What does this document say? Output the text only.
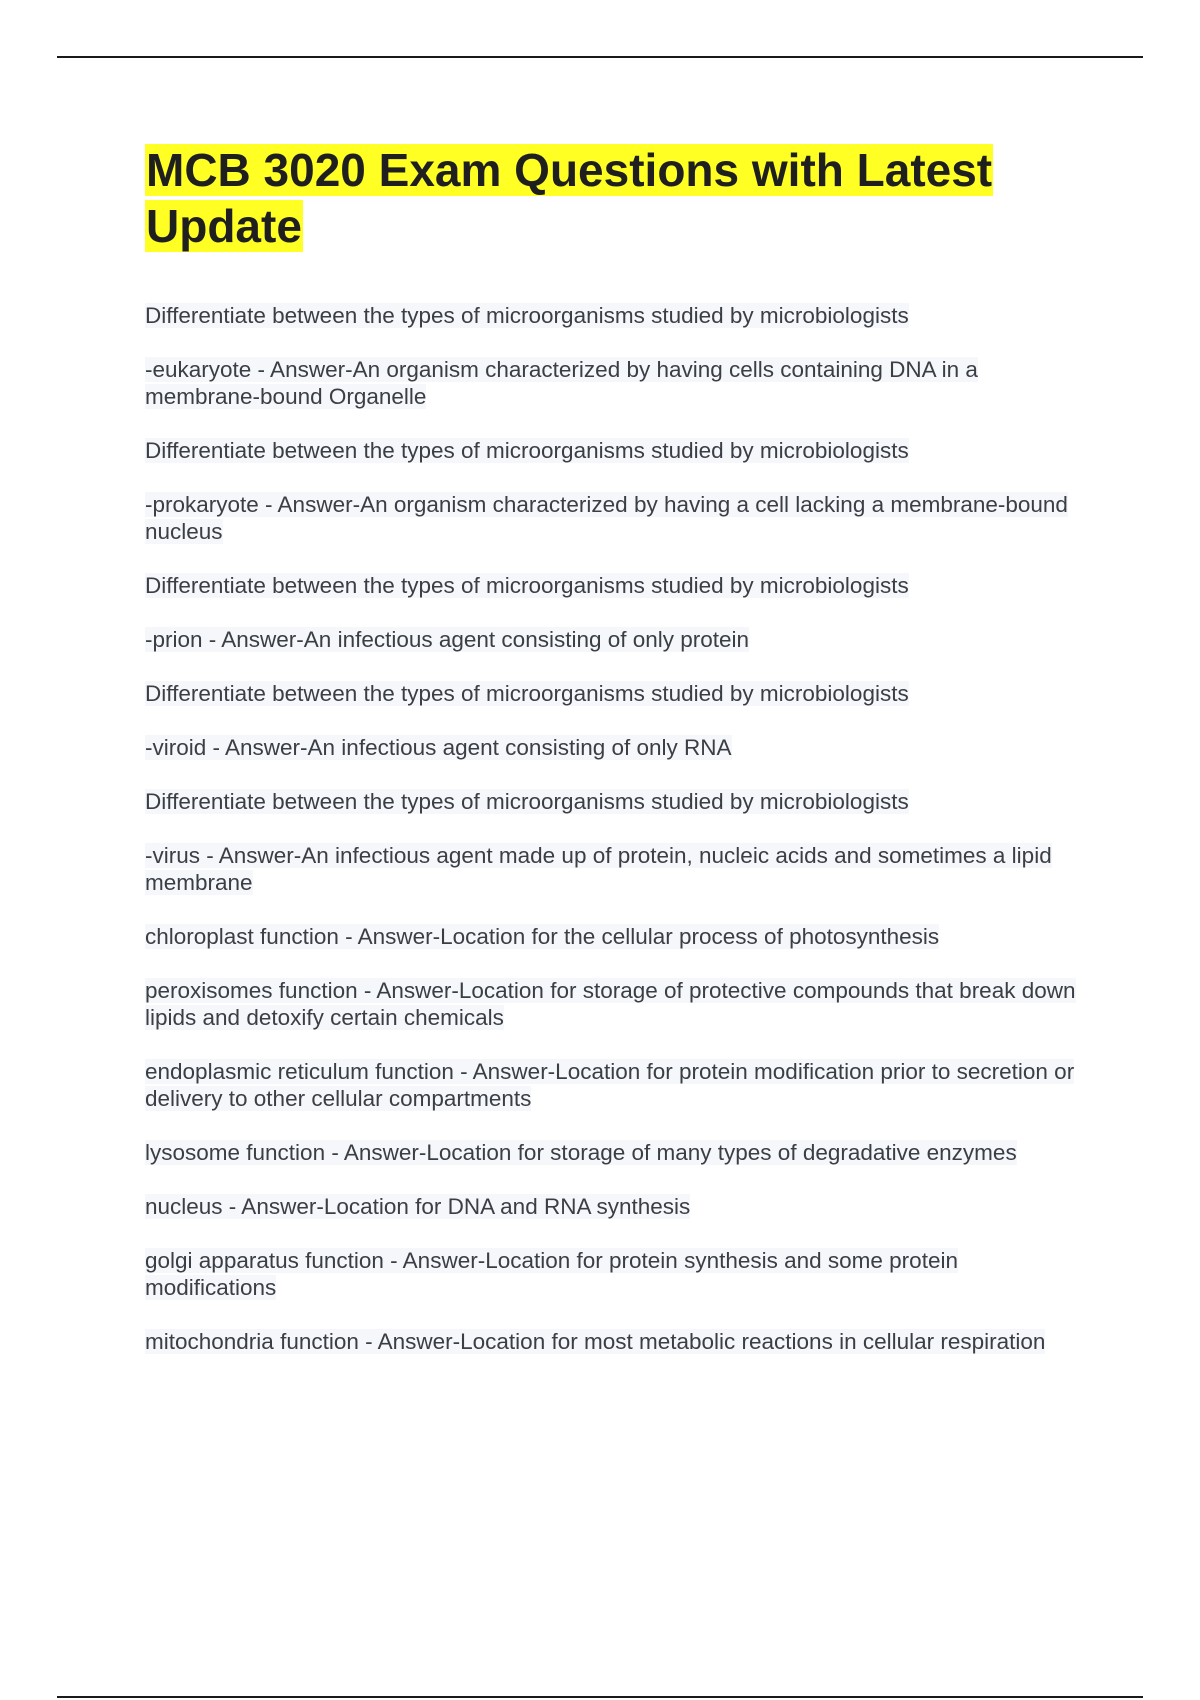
MCB 3020 Exam Questions with Latest
Update
Differentiate between the types of microorganisms studied by microbiologists
-eukaryote - Answer-An organism characterized by having cells containing DNA in a membrane-bound Organelle
Differentiate between the types of microorganisms studied by microbiologists
-prokaryote - Answer-An organism characterized by having a cell lacking a membrane-bound nucleus
Differentiate between the types of microorganisms studied by microbiologists
-prion - Answer-An infectious agent consisting of only protein
Differentiate between the types of microorganisms studied by microbiologists
-viroid - Answer-An infectious agent consisting of only RNA
Differentiate between the types of microorganisms studied by microbiologists
-virus - Answer-An infectious agent made up of protein, nucleic acids and sometimes a lipid membrane
chloroplast function - Answer-Location for the cellular process of photosynthesis
peroxisomes function - Answer-Location for storage of protective compounds that break down lipids and detoxify certain chemicals
endoplasmic reticulum function - Answer-Location for protein modification prior to secretion or delivery to other cellular compartments
lysosome function - Answer-Location for storage of many types of degradative enzymes
nucleus - Answer-Location for DNA and RNA synthesis
golgi apparatus function - Answer-Location for protein synthesis and some protein modifications
mitochondria function - Answer-Location for most metabolic reactions in cellular respiration
